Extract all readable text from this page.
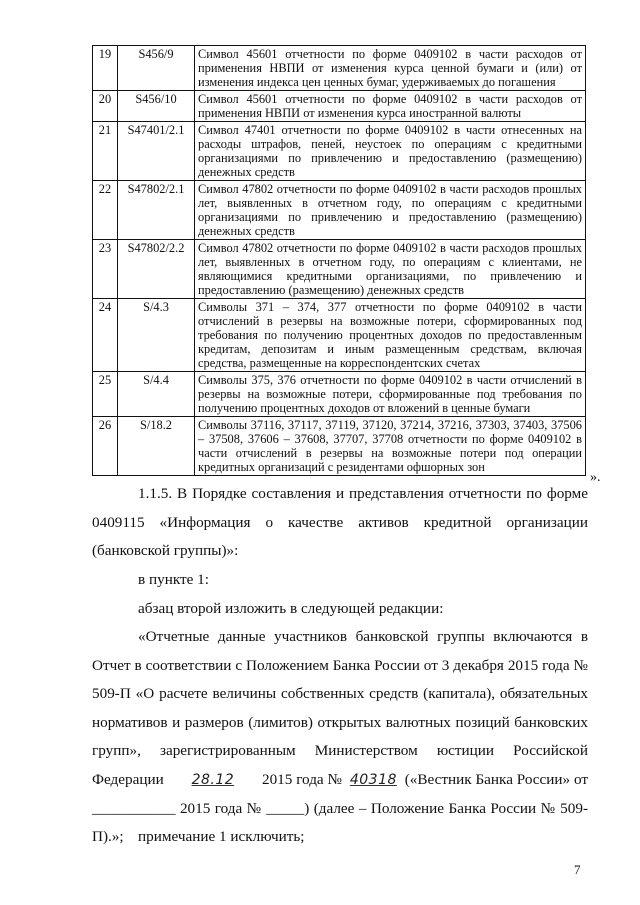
19	S456/9	Символ 45601 отчетности по форме 0409102 в части расходов от применения НВПИ от изменения курса ценной бумаги и (или) от изменения индекса цен ценных бумаг, удерживаемых до погашения
20	S456/10	Символ 45601 отчетности по форме 0409102 в части расходов от применения НВПИ от изменения курса иностранной валюты
21	S47401/2.1	Символ 47401 отчетности по форме 0409102 в части отнесенных на расходы штрафов, пеней, неустоек по операциям с кредитными организациями по привлечению и предоставлению (размещению) денежных средств
22	S47802/2.1	Символ 47802 отчетности по форме 0409102 в части расходов прошлых лет, выявленных в отчетном году, по операциям с кредитными организациями по привлечению и предоставлению (размещению) денежных средств
23	S47802/2.2	Символ 47802 отчетности по форме 0409102 в части расходов прошлых лет, выявленных в отчетном году, по операциям с клиентами, не являющимися кредитными организациями, по привлечению и предоставлению (размещению) денежных средств
24	S/4.3	Символы 371 – 374, 377 отчетности по форме 0409102 в части отчислений в резервы на возможные потери, сформированных под требования по получению процентных доходов по предоставленным кредитам, депозитам и иным размещенным средствам, включая средства, размещенные на корреспондентских счетах
25	S/4.4	Символы 375, 376 отчетности по форме 0409102 в части отчислений в резервы на возможные потери, сформированные под требования по получению процентных доходов от вложений в ценные бумаги
26	S/18.2	Символы 37116, 37117, 37119, 37120, 37214, 37216, 37303, 37403, 37506 – 37508, 37606 – 37608, 37707, 37708 отчетности по форме 0409102 в части отчислений в резервы на возможные потери под операции кредитных организаций с резидентами офшорных зон
».
1.1.5. В Порядке составления и представления отчетности по форме 0409115 «Информация о качестве активов кредитной организации (банковской группы)»:
в пункте 1:
абзац второй изложить в следующей редакции:
«Отчетные данные участников банковской группы включаются в Отчет в соответствии с Положением Банка России от 3 декабря 2015 года № 509-П «О расчете величины собственных средств (капитала), обязательных нормативов и размеров (лимитов) открытых валютных позиций банковских групп», зарегистрированным Министерством юстиции Российской Федерации 28.12 2015 года № 40318 («Вестник Банка России» от ___________ 2015 года № _____) (далее – Положение Банка России № 509-П).»; примечание 1 исключить;
7
